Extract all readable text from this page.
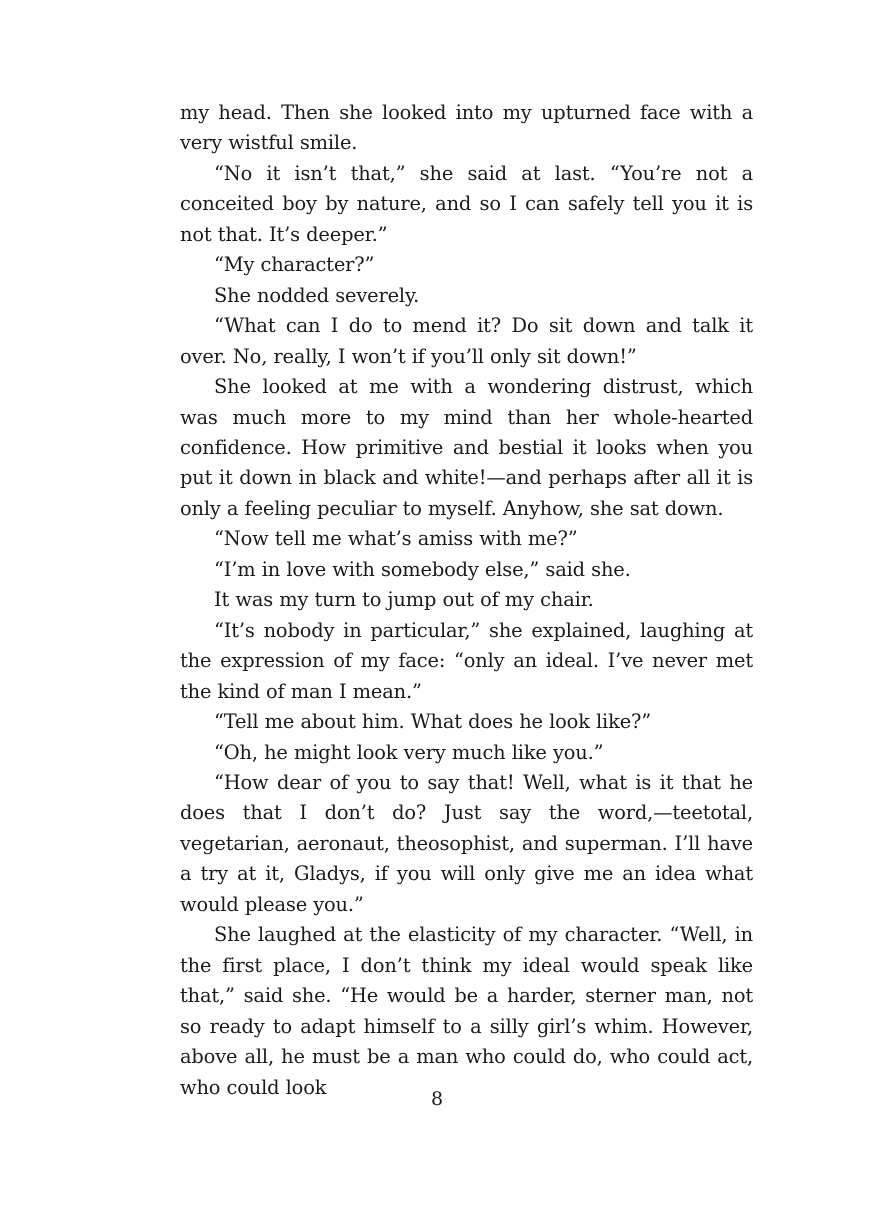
my head. Then she looked into my upturned face with a very wistful smile.

“No it isn’t that,” she said at last. “You’re not a conceited boy by nature, and so I can safely tell you it is not that. It’s deeper.”

“My character?”

She nodded severely.

“What can I do to mend it? Do sit down and talk it over. No, really, I won’t if you’ll only sit down!”

She looked at me with a wondering distrust, which was much more to my mind than her whole-hearted confidence. How primitive and bestial it looks when you put it down in black and white!—and perhaps after all it is only a feeling peculiar to myself. Anyhow, she sat down.

“Now tell me what’s amiss with me?”

“I’m in love with somebody else,” said she.

It was my turn to jump out of my chair.

“It’s nobody in particular,” she explained, laughing at the expression of my face: “only an ideal. I’ve never met the kind of man I mean.”

“Tell me about him. What does he look like?”

“Oh, he might look very much like you.”

“How dear of you to say that! Well, what is it that he does that I don’t do? Just say the word,—teetotal, vegetarian, aeronaut, theosophist, and superman. I’ll have a try at it, Gladys, if you will only give me an idea what would please you.”

She laughed at the elasticity of my character. “Well, in the first place, I don’t think my ideal would speak like that,” said she. “He would be a harder, sterner man, not so ready to adapt himself to a silly girl’s whim. However, above all, he must be a man who could do, who could act, who could look

8
